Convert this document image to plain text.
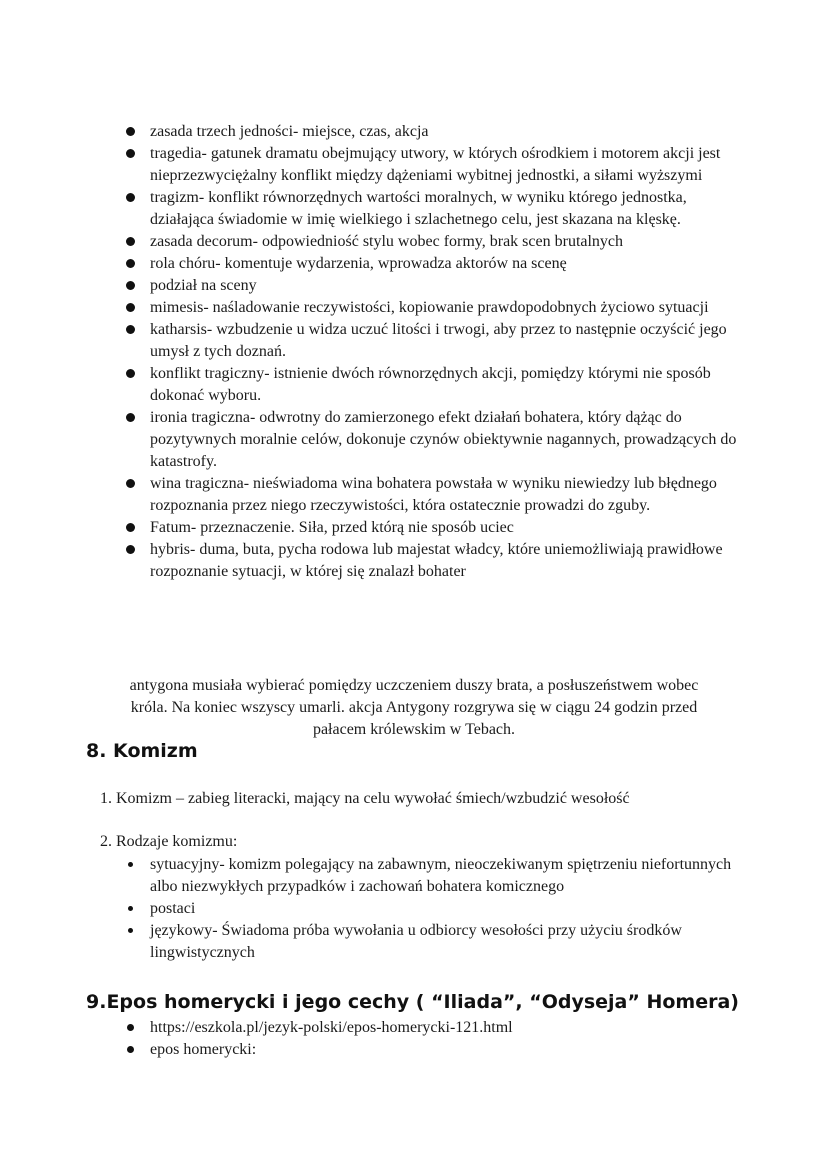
zasada trzech jedności- miejsce, czas, akcja
tragedia- gatunek dramatu obejmujący utwory, w których ośrodkiem i motorem akcji jest nieprzezwyciężalny konflikt między dążeniami wybitnej jednostki, a siłami wyższymi
tragizm- konflikt równorzędnych wartości moralnych, w wyniku którego jednostka, działająca świadomie w imię wielkiego i szlachetnego celu, jest skazana na klęskę.
zasada decorum- odpowiedniość stylu wobec formy, brak scen brutalnych
rola chóru- komentuje wydarzenia, wprowadza aktorów na scenę
podział na sceny
mimesis- naśladowanie reczywistości, kopiowanie prawdopodobnych życiowo sytuacji
katharsis- wzbudzenie u widza uczuć litości i trwogi, aby przez to następnie oczyścić jego umysł z tych doznań.
konflikt tragiczny- istnienie dwóch równorzędnych akcji, pomiędzy którymi nie sposób dokonać wyboru.
ironia tragiczna- odwrotny do zamierzonego efekt działań bohatera, który dążąc do pozytywnych moralnie celów, dokonuje czynów obiektywnie nagannych, prowadzących do katastrofy.
wina tragiczna- nieświadoma wina bohatera powstała w wyniku niewiedzy lub błędnego rozpoznania przez niego rzeczywistości, która ostatecznie prowadzi do zguby.
Fatum- przeznaczenie. Siła, przed którą nie sposób uciec
hybris- duma, buta, pycha rodowa lub majestat władcy, które uniemożliwiają prawidłowe rozpoznanie sytuacji, w której się znalazł bohater
antygona musiała wybierać pomiędzy uczczeniem duszy brata, a posłuszeństwem wobec
króla. Na koniec wszyscy umarli. akcja Antygony rozgrywa się w ciągu 24 godzin przed
pałacem królewskim w Tebach.
8. Komizm
1. Komizm – zabieg literacki, mający na celu wywołać śmiech/wzbudzić wesołość
2. Rodzaje komizmu:
sytuacyjny- komizm polegający na zabawnym, nieoczekiwanym spiętrzeniu niefortunnych albo niezwykłych przypadków i zachowań bohatera komicznego
postaci
językowy- Świadoma próba wywołania u odbiorcy wesołości przy użyciu środków lingwistycznych
9.Epos homerycki i jego cechy ( “Iliada”, “Odyseja” Homera)
https://eszkola.pl/jezyk-polski/epos-homerycki-121.html
epos homerycki:
